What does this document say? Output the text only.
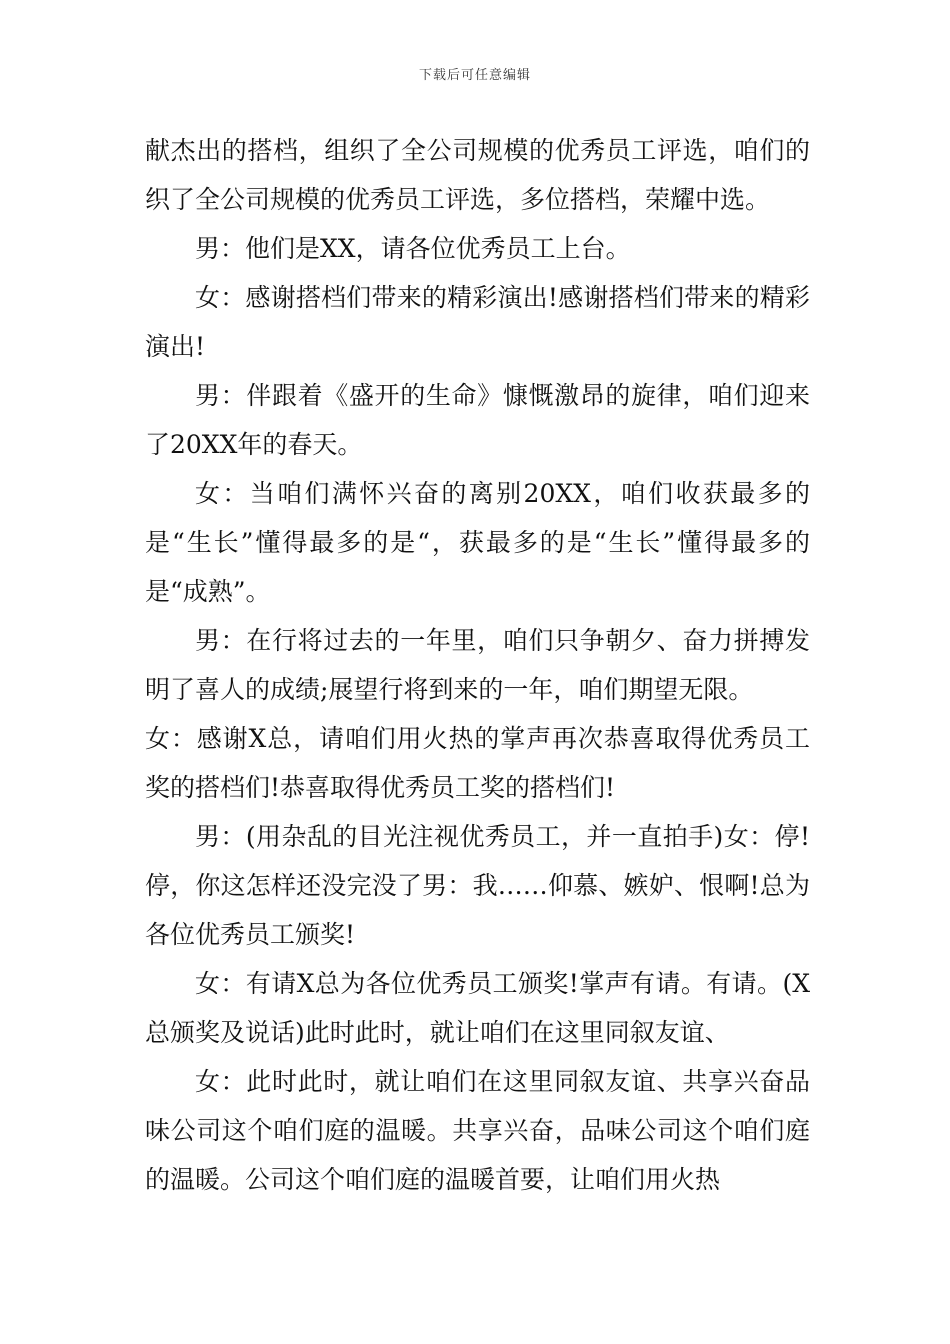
下载后可任意编辑

献杰出的搭档，组织了全公司规模的优秀员工评选，咱们的织了全公司规模的优秀员工评选，多位搭档，荣耀中选。

男：他们是XX，请各位优秀员工上台。

女：感谢搭档们带来的精彩演出!感谢搭档们带来的精彩演出!

男：伴跟着《盛开的生命》慷慨激昂的旋律，咱们迎来了20XX年的春天。

女：当咱们满怀兴奋的离别20XX，咱们收获最多的是“生长”懂得最多的是“，获最多的是“生长”懂得最多的是“成熟”。

男：在行将过去的一年里，咱们只争朝夕、奋力拼搏发明了喜人的成绩;展望行将到来的一年，咱们期望无限。

女：感谢X总，请咱们用火热的掌声再次恭喜取得优秀员工奖的搭档们!恭喜取得优秀员工奖的搭档们!

男：(用杂乱的目光注视优秀员工，并一直拍手)女：停!停，你这怎样还没完没了男：我……仰慕、嫉妒、恨啊!总为各位优秀员工颁奖!

女：有请X总为各位优秀员工颁奖!掌声有请。有请。(X总颁奖及说话)此时此时，就让咱们在这里同叙友谊、

女：此时此时，就让咱们在这里同叙友谊、共享兴奋品味公司这个咱们庭的温暖。共享兴奋，品味公司这个咱们庭的温暖。公司这个咱们庭的温暖首要，让咱们用火热
